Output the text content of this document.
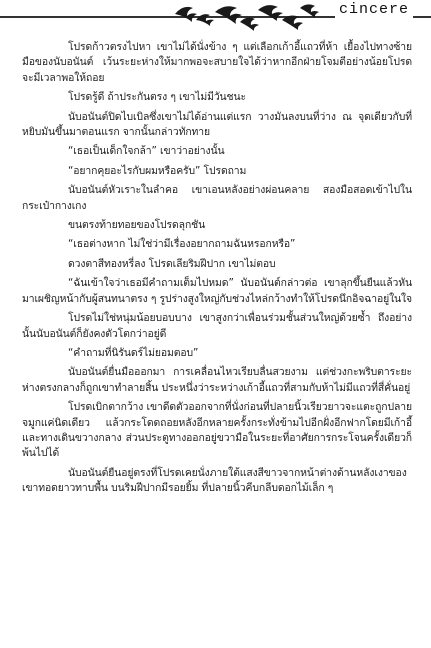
cincere

โปรดก้าวตรงไปหา เขาไม่ได้นั่งข้าง ๆ แต่เลือกเก้าอี้แถวที่ห้า เยื้องไปทางซ้ายมือของนับอนันต์ เว้นระยะห่างให้มากพอจะสบายใจได้ว่าหากอีกฝ่ายโจมตีอย่างน้อยโปรดจะมีเวลาพอให้ถอย

โปรดรู้ดี ถ้าประกันตรง ๆ เขาไม่มีวันชนะ

นับอนันต์ปิดไบเบิลซึ่งเขาไม่ได้อ่านแต่แรก วางมันลงบนที่ว่าง ณ จุดเดียวกับที่หยิบมันขึ้นมาตอนแรก จากนั้นกล่าวทักทาย

“เธอเป็นเด็กใจกล้า” เขาว่าอย่างนั้น

“อยากคุยอะไรกับผมหรือครับ” โปรดถาม

นับอนันต์หัวเราะในลำคอ เขาเอนหลังอย่างผ่อนคลาย สองมือสอดเข้าไปในกระเป๋ากางเกง

ขนตรงท้ายทอยของโปรดลุกชัน

“เธอต่างหาก ไม่ใช่ว่ามีเรื่องอยากถามฉันหรอกหรือ”

ดวงตาสีทองหรี่ลง โปรดเลียริมฝีปาก เขาไม่ตอบ

“ฉันเข้าใจว่าเธอมีคำถามเต็มไปหมด” นับอนันต์กล่าวต่อ เขาลุกขึ้นยืนแล้วหันมาเผชิญหน้ากับผู้สนทนาตรง ๆ รูปร่างสูงใหญ่กับช่วงไหล่กว้างทำให้โปรดนึกอิจฉาอยู่ในใจ

โปรดไม่ใช่หนุ่มน้อยบอบบาง เขาสูงกว่าเพื่อนร่วมชั้นส่วนใหญ่ด้วยซ้ำ ถึงอย่างนั้นนับอนันต์ก็ยังคงตัวโตกว่าอยู่ดี

“คำถามที่นิรันดร์ไม่ยอมตอบ”

นับอนันต์ยื่นมือออกมา การเคลื่อนไหวเรียบลื่นสวยงาม แต่ช่วงกะพริบตาระยะห่างตรงกลางก็ถูกเขาทำลายสิ้น ประหนึ่งว่าระหว่างเก้าอี้แถวที่สามกับห้าไม่มีแถวที่สี่คั่นอยู่

โปรดเบิกตากว้าง เขาดีดตัวออกจากที่นั่งก่อนที่ปลายนิ้วเรียวยาวจะแตะถูกปลายจมูกแค่นิดเดียว แล้วกระโดดถอยหลังอีกหลายครั้งกระทั่งข้ามไปอีกฝั่งอีกฟากโดยมีเก้าอี้และทางเดินขวางกลาง ส่วนประตูทางออกอยู่ขวามือในระยะที่อาศัยการกระโจนครั้งเดียวก็พ้นไปได้

นับอนันต์ยืนอยู่ตรงที่โปรดเคยนั่งภายใต้แสงสีขาวจากหน้าต่างด้านหลังเงาของเขาทอดยาวทาบพื้น บนริมฝีปากมีรอยยิ้ม ที่ปลายนิ้วคีบกลีบดอกไม้เล็ก ๆ
